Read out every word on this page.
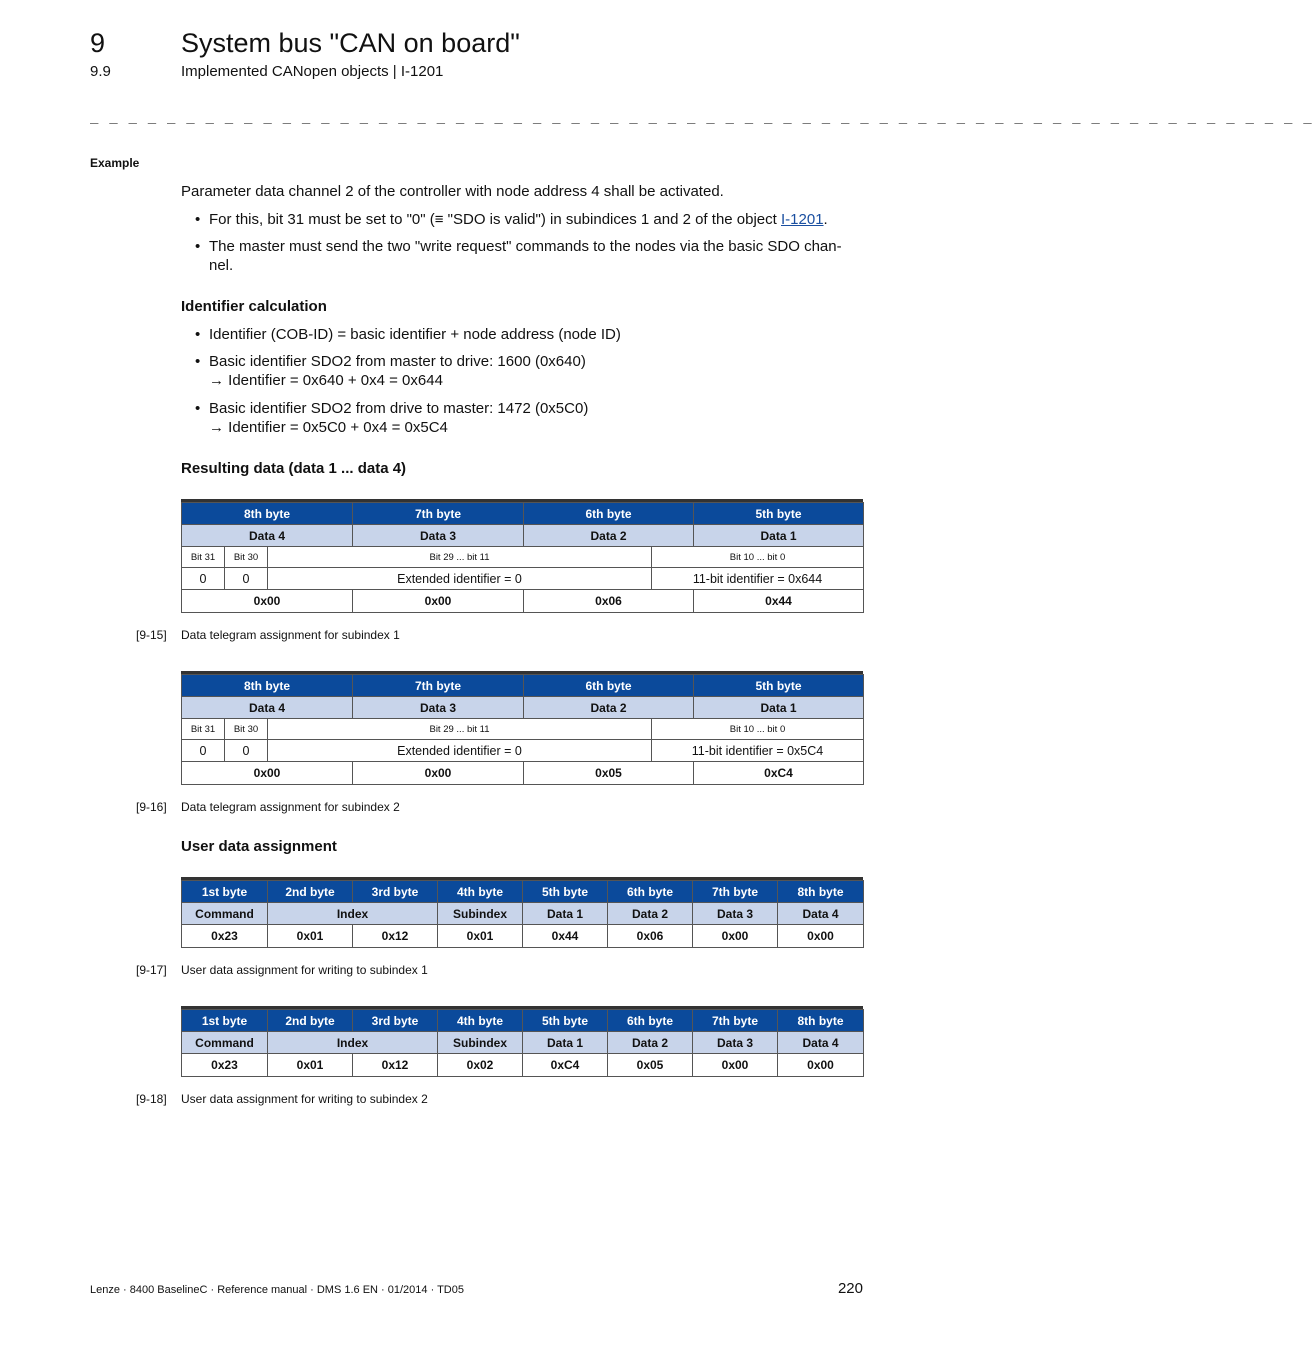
9	System bus "CAN on board"
9.9	Implemented CANopen objects | I-1201
_ _ _ _ _ _ _ _ _ _ _ _ _ _ _ _ _ _ _ _ _ _ _ _ _ _ _ _ _ _ _ _ _ _ _ _ _ _ _ _ _ _ _ _ _ _ _ _ _ _ _ _ _ _ _ _ _ _ _ _ _ _ _ _
Example
Parameter data channel 2 of the controller with node address 4 shall be activated.
• For this, bit 31 must be set to "0" (≡ "SDO is valid") in subindices 1 and 2 of the object I-1201.
• The master must send the two "write request" commands to the nodes via the basic SDO chan-
nel.
Identifier calculation
• Identifier (COB-ID) = basic identifier + node address (node ID)
• Basic identifier SDO2 from master to drive: 1600 (0x640)
→ Identifier = 0x640 + 0x4 = 0x644
• Basic identifier SDO2 from drive to master: 1472 (0x5C0)
→ Identifier = 0x5C0 + 0x4 = 0x5C4
Resulting data (data 1 ... data 4)
8th byte			7th byte	6th byte		5th byte
Data 4			Data 3	Data 2		Data 1
Bit 31	Bit 30	Bit 29 ... bit 11			Bit 10 ... bit 0	
0	0	Extended identifier = 0			11-bit identifier = 0x644	
0x00			0x00	0x06		0x44
[9-15] Data telegram assignment for subindex 1
8th byte			7th byte	6th byte		5th byte
Data 4			Data 3	Data 2		Data 1
Bit 31	Bit 30	Bit 29 ... bit 11			Bit 10 ... bit 0	
0	0	Extended identifier = 0			11-bit identifier = 0x5C4	
0x00			0x00	0x05		0xC4
[9-16] Data telegram assignment for subindex 2
User data assignment
1st byte	2nd byte	3rd byte	4th byte	5th byte	6th byte	7th byte	8th byte
Command	Index		Subindex	Data 1	Data 2	Data 3	Data 4
0x23	0x01	0x12	0x01	0x44	0x06	0x00	0x00
[9-17] User data assignment for writing to subindex 1
1st byte	2nd byte	3rd byte	4th byte	5th byte	6th byte	7th byte	8th byte
Command	Index		Subindex	Data 1	Data 2	Data 3	Data 4
0x23	0x01	0x12	0x02	0xC4	0x05	0x00	0x00
[9-18] User data assignment for writing to subindex 2
Lenze · 8400 BaselineC · Reference manual · DMS 1.6 EN · 01/2014 · TD05	220
